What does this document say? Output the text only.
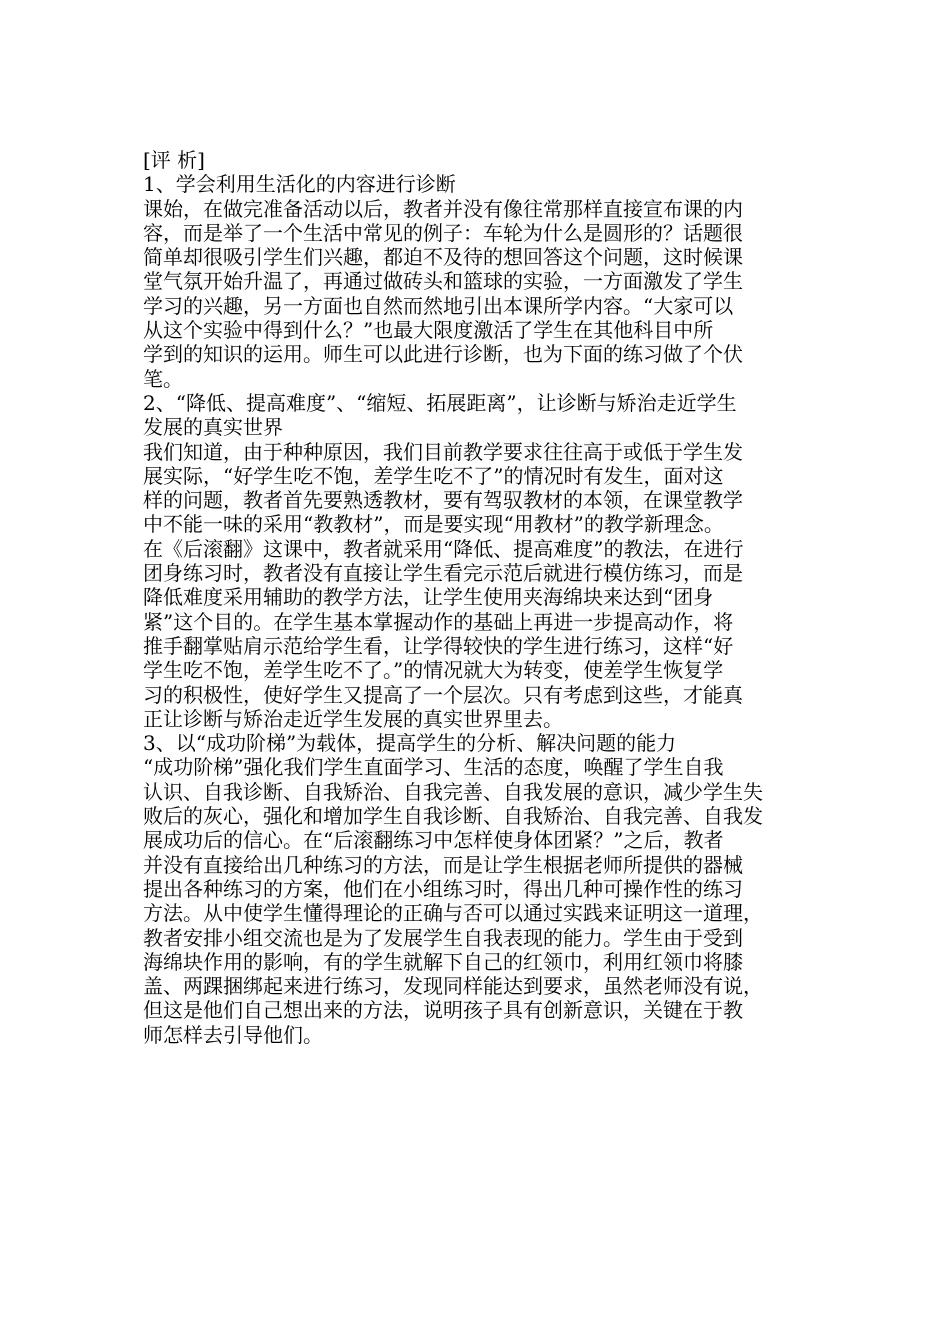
[评 析]
1、学会利用生活化的内容进行诊断
课始，在做完准备活动以后，教者并没有像往常那样直接宣布课的内
容，而是举了一个生活中常见的例子：车轮为什么是圆形的？话题很
简单却很吸引学生们兴趣，都迫不及待的想回答这个问题，这时候课
堂气氛开始升温了，再通过做砖头和篮球的实验，一方面激发了学生
学习的兴趣，另一方面也自然而然地引出本课所学内容。“大家可以
从这个实验中得到什么？”也最大限度激活了学生在其他科目中所
学到的知识的运用。师生可以此进行诊断，也为下面的练习做了个伏
笔。
2、“降低、提高难度”、“缩短、拓展距离”，让诊断与矫治走近学生
发展的真实世界
我们知道，由于种种原因，我们目前教学要求往往高于或低于学生发
展实际，“好学生吃不饱，差学生吃不了”的情况时有发生，面对这
样的问题，教者首先要熟透教材，要有驾驭教材的本领，在课堂教学
中不能一味的采用“教教材”，而是要实现“用教材”的教学新理念。
在《后滚翻》这课中，教者就采用“降低、提高难度”的教法，在进行
团身练习时，教者没有直接让学生看完示范后就进行模仿练习，而是
降低难度采用辅助的教学方法，让学生使用夹海绵块来达到“团身
紧”这个目的。在学生基本掌握动作的基础上再进一步提高动作，将
推手翻掌贴肩示范给学生看，让学得较快的学生进行练习，这样“好
学生吃不饱，差学生吃不了。”的情况就大为转变，使差学生恢复学
习的积极性，使好学生又提高了一个层次。只有考虑到这些，才能真
正让诊断与矫治走近学生发展的真实世界里去。
3、以“成功阶梯”为载体，提高学生的分析、解决问题的能力
“成功阶梯”强化我们学生直面学习、生活的态度，唤醒了学生自我
认识、自我诊断、自我矫治、自我完善、自我发展的意识，减少学生失
败后的灰心，强化和增加学生自我诊断、自我矫治、自我完善、自我发
展成功后的信心。在“后滚翻练习中怎样使身体团紧？”之后，教者
并没有直接给出几种练习的方法，而是让学生根据老师所提供的器械
提出各种练习的方案，他们在小组练习时，得出几种可操作性的练习
方法。从中使学生懂得理论的正确与否可以通过实践来证明这一道理，
教者安排小组交流也是为了发展学生自我表现的能力。学生由于受到
海绵块作用的影响，有的学生就解下自己的红领巾，利用红领巾将膝
盖、两踝捆绑起来进行练习，发现同样能达到要求，虽然老师没有说，
但这是他们自己想出来的方法，说明孩子具有创新意识，关键在于教
师怎样去引导他们。
